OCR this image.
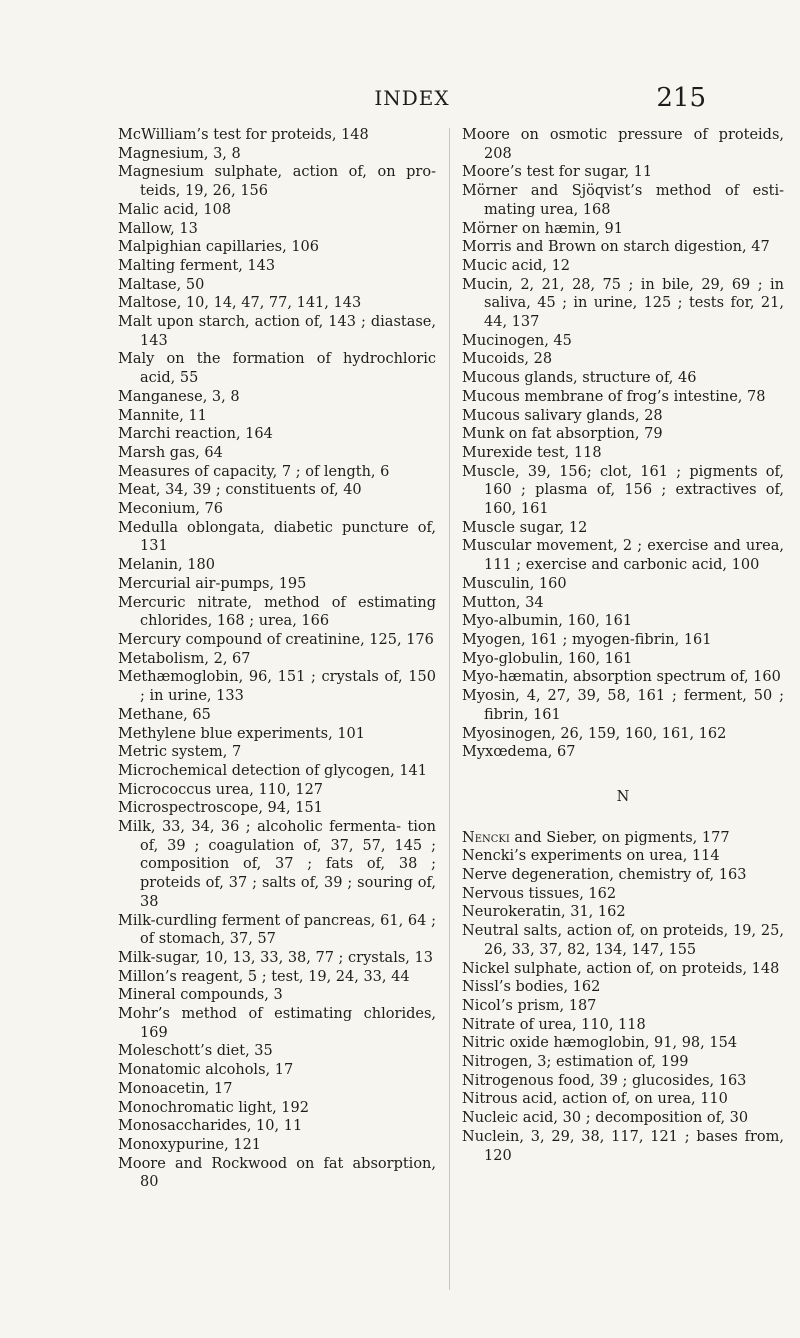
INDEX	215

McWilliam’s test for proteids, 148

Magnesium, 3, 8

Magnesium sulphate, action of, on pro- teids, 19, 26, 156

Malic acid, 108

Mallow, 13

Malpighian capillaries, 106

Malting ferment, 143

Maltase, 50

Maltose, 10, 14, 47, 77, 141, 143

Malt upon starch, action of, 143 ; diastase, 143

Maly on the formation of hydrochloric acid, 55

Manganese, 3, 8

Mannite, 11

Marchi reaction, 164

Marsh gas, 64

Measures of capacity, 7 ; of length, 6

Meat, 34, 39 ; constituents of, 40

Meconium, 76

Medulla oblongata, diabetic puncture of, 131

Melanin, 180

Mercurial air-pumps, 195

Mercuric nitrate, method of estimating chlorides, 168 ; urea, 166

Mercury compound of creatinine, 125, 176

Metabolism, 2, 67

Methæmoglobin, 96, 151 ; crystals of, 150 ; in urine, 133

Methane, 65

Methylene blue experiments, 101

Metric system, 7

Microchemical detection of glycogen, 141

Micrococcus urea, 110, 127

Microspectroscope, 94, 151

Milk, 33, 34, 36 ; alcoholic fermenta- tion of, 39 ; coagulation of, 37, 57, 145 ; composition of, 37 ; fats of, 38 ; proteids of, 37 ; salts of, 39 ; souring of, 38

Milk-curdling ferment of pancreas, 61, 64 ; of stomach, 37, 57

Milk-sugar, 10, 13, 33, 38, 77 ; crystals, 13

Millon’s reagent, 5 ; test, 19, 24, 33, 44

Mineral compounds, 3

Mohr’s method of estimating chlorides, 169

Moleschott’s diet, 35

Monatomic alcohols, 17

Monoacetin, 17

Monochromatic light, 192

Monosaccharides, 10, 11

Monoxypurine, 121

Moore and Rockwood on fat absorption, 80

Moore on osmotic pressure of proteids, 208

Moore’s test for sugar, 11

Mörner and Sjöqvist’s method of esti- mating urea, 168

Mörner on hæmin, 91

Morris and Brown on starch digestion, 47

Mucic acid, 12

Mucin, 2, 21, 28, 75 ; in bile, 29, 69 ; in saliva, 45 ; in urine, 125 ; tests for, 21, 44, 137

Mucinogen, 45

Mucoids, 28

Mucous glands, structure of, 46

Mucous membrane of frog’s intestine, 78

Mucous salivary glands, 28

Munk on fat absorption, 79

Murexide test, 118

Muscle, 39, 156; clot, 161 ; pigments of, 160 ; plasma of, 156 ; extractives of, 160, 161

Muscle sugar, 12

Muscular movement, 2 ; exercise and urea, 111 ; exercise and carbonic acid, 100

Musculin, 160

Mutton, 34

Myo-albumin, 160, 161

Myogen, 161 ; myogen-fibrin, 161

Myo-globulin, 160, 161

Myo-hæmatin, absorption spectrum of, 160

Myosin, 4, 27, 39, 58, 161 ; ferment, 50 ; fibrin, 161

Myosinogen, 26, 159, 160, 161, 162

Myxœdema, 67

N

Nencki and Sieber, on pigments, 177

Nencki’s experiments on urea, 114

Nerve degeneration, chemistry of, 163

Nervous tissues, 162

Neurokeratin, 31, 162

Neutral salts, action of, on proteids, 19, 25, 26, 33, 37, 82, 134, 147, 155

Nickel sulphate, action of, on proteids, 148

Nissl’s bodies, 162

Nicol’s prism, 187

Nitrate of urea, 110, 118

Nitric oxide hæmoglobin, 91, 98, 154

Nitrogen, 3; estimation of, 199

Nitrogenous food, 39 ; glucosides, 163

Nitrous acid, action of, on urea, 110

Nucleic acid, 30 ; decomposition of, 30

Nuclein, 3, 29, 38, 117, 121 ; bases from, 120
